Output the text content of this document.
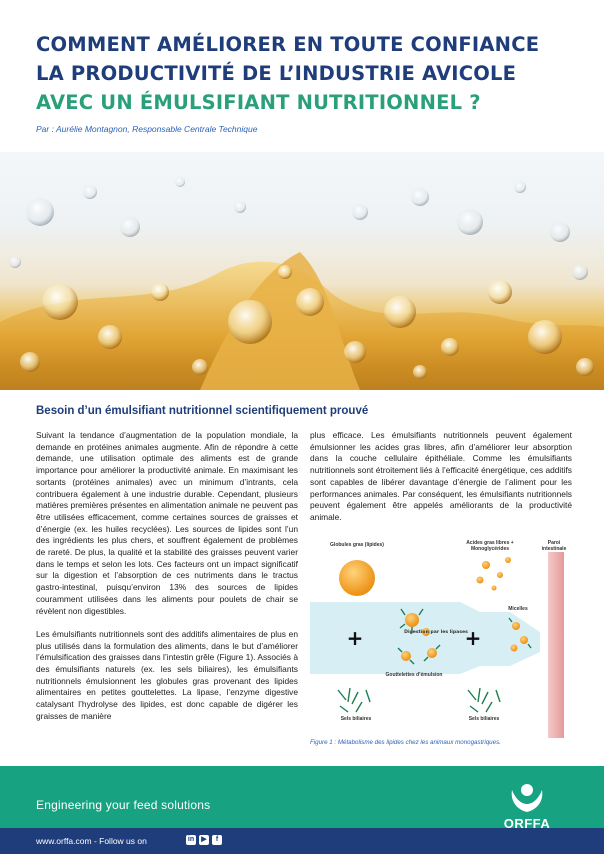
COMMENT AMÉLIORER EN TOUTE CONFIANCE
LA PRODUCTIVITÉ DE L’INDUSTRIE AVICOLE
AVEC UN ÉMULSIFIANT NUTRITIONNEL ?
Par : Aurélie Montagnon, Responsable Centrale Technique
Besoin d’un émulsifiant nutritionnel scientifiquement prouvé

Suivant la tendance d’augmentation de la population mondiale, la demande en protéines animales augmente. Afin de répondre à cette demande, une utilisation optimale des aliments est de grande importance pour améliorer la productivité animale. En maximisant les sortants (protéines animales) avec un minimum d’intrants, cela contribuera également à une industrie durable. Cependant, plusieurs matières premières présentes en alimentation animale ne peuvent pas être utilisées efficacement, comme certaines sources de graisses et d’énergie (ex. les huiles recyclées). Les sources de lipides sont l’un des ingrédients les plus chers, et souffrent également de problèmes de rareté. De plus, la qualité et la stabilité des graisses peuvent varier dans le temps et selon les lots. Ces facteurs ont un impact significatif sur la digestion et l’absorption de ces nutriments dans le tractus gastro-intestinal, puisqu’environ 13% des sources de lipides couramment utilisées dans les aliments pour poulets de chair se révèlent non digestibles.

Les émulsifiants nutritionnels sont des additifs alimentaires de plus en plus utilisés dans la formulation des aliments, dans le but d’améliorer l’émulsification des graisses dans l’intestin grêle (Figure 1). Associés à des émulsifiants naturels (ex. les sels biliaires), les émulsifiants nutritionnels émulsionnent les globules gras provenant des lipides alimentaires en petites gouttelettes. La lipase, l’enzyme digestive catalysant l’hydrolyse des lipides, est donc capable de digérer les graisses de manière

plus efficace. Les émulsifiants nutritionnels peuvent également émulsionner les acides gras libres, afin d’améliorer leur absorption dans la couche cellulaire épithéliale. Comme les émulsifiants nutritionnels sont étroitement liés à l’efficacité énergétique, ces additifs sont capables de libérer davantage d’énergie de l’aliment pour les performances animales. Par conséquent, les émulsifiants nutritionnels peuvent également être appelés améliorants de la productivité animale.

+	+
Digestion par les lipases
Globules gras (lipides)	Acides gras libres + Monoglycérides
Paroi intestinale
Micelles
Gouttelettes d’émulsion
Sels biliaires	Sels biliaires
Figure 1 : Métabolisme des lipides chez les animaux monogastriques.
Engineering your feed solutions
www.orffa.com - Follow us on	in	▶	f
ORFFA
